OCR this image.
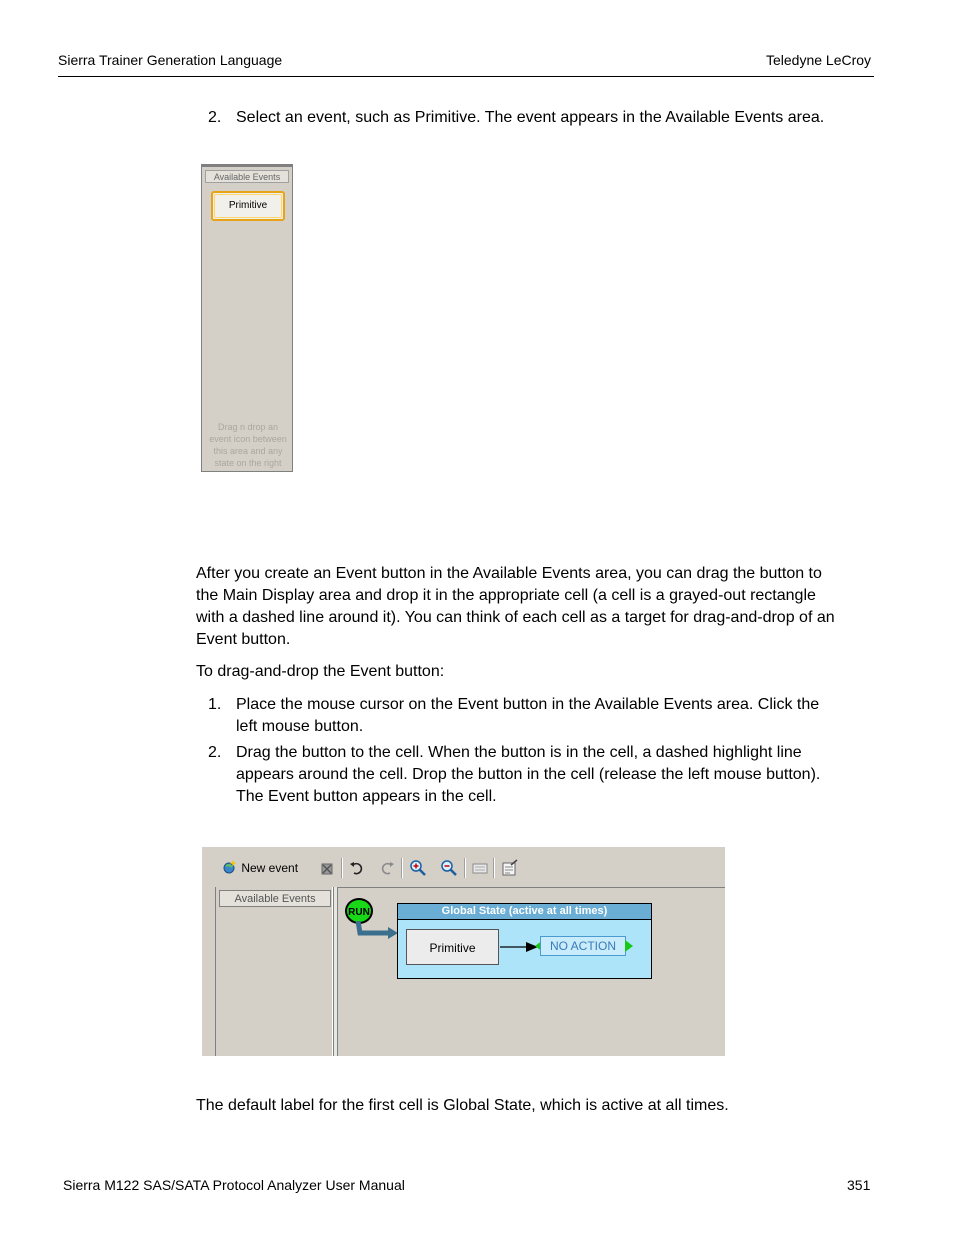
Sierra Trainer Generation Language	Teledyne LeCroy
2. Select an event, such as Primitive. The event appears in the Available Events area.
Available Events
Primitive
Drag n drop an event icon between this area and any state on the right
After you create an Event button in the Available Events area, you can drag the button to
the Main Display area and drop it in the appropriate cell (a cell is a grayed-out rectangle
with a dashed line around it). You can think of each cell as a target for drag-and-drop of an
Event button.
To drag-and-drop the Event button:
1. Place the mouse cursor on the Event button in the Available Events area. Click the
left mouse button.
2. Drag the button to the cell. When the button is in the cell, a dashed highlight line
appears around the cell. Drop the button in the cell (release the left mouse button).
The Event button appears in the cell.
New event
Available Events
RUN	Global State (active at all times)
Primitive	NO ACTION
The default label for the first cell is Global State, which is active at all times.
Sierra M122 SAS/SATA Protocol Analyzer User Manual	351
